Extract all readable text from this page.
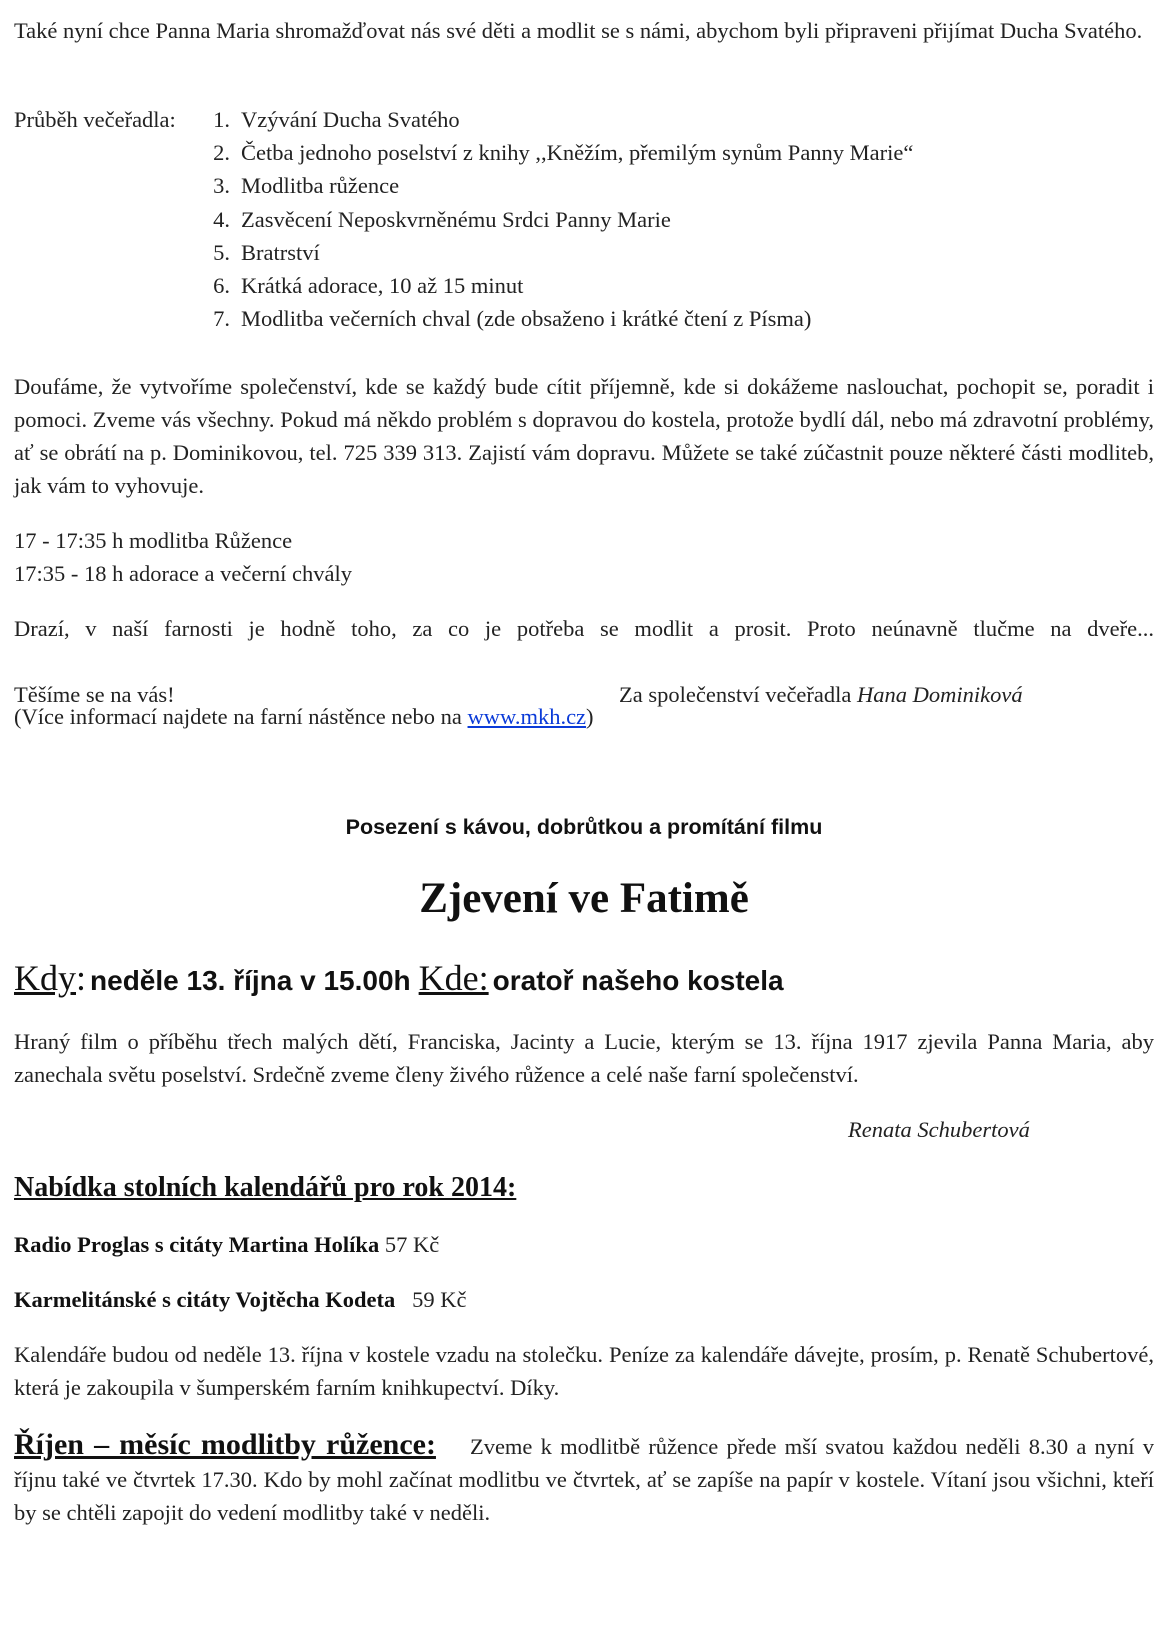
Také nyní chce Panna Maria shromažďovat nás své děti a modlit se s námi, abychom byli připraveni přijímat Ducha Svatého.

Průběh večeřadla:	1. Vzývání Ducha Svatého
2. Četba jednoho poselství z knihy ,,Kněžím, přemilým synům Panny Marie“
3. Modlitba růžence
4. Zasvěcení Neposkvrněnému Srdci Panny Marie
5. Bratrství
6. Krátká adorace, 10 až 15 minut
7. Modlitba večerních chval (zde obsaženo i krátké čtení z Písma)

Doufáme, že vytvoříme společenství, kde se každý bude cítit příjemně, kde si dokážeme naslouchat, pochopit se, poradit i pomoci. Zveme vás všechny. Pokud má někdo problém s dopravou do kostela, protože bydlí dál, nebo má zdravotní problémy, ať se obrátí na p. Dominikovou, tel. 725 339 313. Zajistí vám dopravu. Můžete se také zúčastnit pouze některé části modliteb, jak vám to vyhovuje.

17 - 17:35 h modlitba Růžence
17:35 - 18 h adorace a večerní chvály

Drazí, v naší farnosti je hodně toho, za co je potřeba se modlit a prosit. Proto neúnavně tlučme na dveře...

Těšíme se na vás!	Za společenství večeřadla Hana Dominiková
(Více informací najdete na farní nástěnce nebo na www.mkh.cz)
Posezení s kávou, dobrůtkou a promítání filmu
Zjevení ve Fatimě
Kdy: neděle 13. října v 15.00h Kde: oratoř našeho kostela

Hraný film o příběhu třech malých dětí, Franciska, Jacinty a Lucie, kterým se 13. října 1917 zjevila Panna Maria, aby zanechala světu poselství. Srdečně zveme členy živého růžence a celé naše farní společenství.

Renata Schubertová
Nabídka stolních kalendářů pro rok 2014:
Radio Proglas s citáty Martina Holíka 57 Kč
Karmelitánské s citáty Vojtěcha Kodeta 59 Kč

Kalendáře budou od neděle 13. října v kostele vzadu na stolečku. Peníze za kalendáře dávejte, prosím, p. Renatě Schubertové, která je zakoupila v šumperském farním knihkupectví. Díky.

Říjen – měsíc modlitby růžence: Zveme k modlitbě růžence přede mší svatou každou neděli 8.30 a nyní v říjnu také ve čtvrtek 17.30. Kdo by mohl začínat modlitbu ve čtvrtek, ať se zapíše na papír v kostele. Vítaní jsou všichni, kteří by se chtěli zapojit do vedení modlitby také v neděli.
